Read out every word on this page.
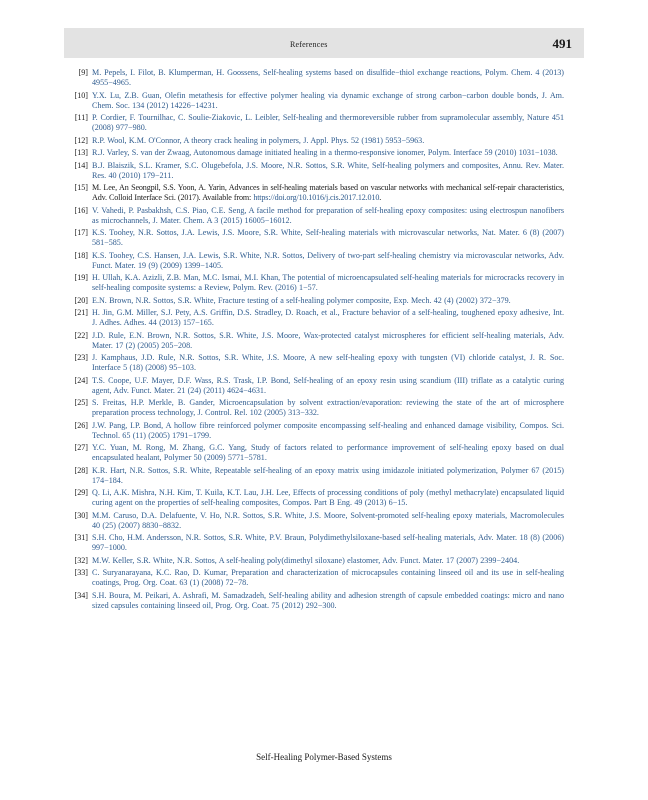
References	491
[9] M. Pepels, I. Filot, B. Klumperman, H. Goossens, Self-healing systems based on disulfide−thiol exchange reactions, Polym. Chem. 4 (2013) 4955−4965.
[10] Y.X. Lu, Z.B. Guan, Olefin metathesis for effective polymer healing via dynamic exchange of strong carbon−carbon double bonds, J. Am. Chem. Soc. 134 (2012) 14226−14231.
[11] P. Cordier, F. Tournilhac, C. Soulie-Ziakovic, L. Leibler, Self-healing and thermoreversible rubber from supramolecular assembly, Nature 451 (2008) 977−980.
[12] R.P. Wool, K.M. O'Connor, A theory crack healing in polymers, J. Appl. Phys. 52 (1981) 5953−5963.
[13] R.J. Varley, S. van der Zwaag, Autonomous damage initiated healing in a thermo-responsive ionomer, Polym. Interface 59 (2010) 1031−1038.
[14] B.J. Blaiszik, S.L. Kramer, S.C. Olugebefola, J.S. Moore, N.R. Sottos, S.R. White, Self-healing polymers and composites, Annu. Rev. Mater. Res. 40 (2010) 179−211.
[15] M. Lee, An Seongpil, S.S. Yoon, A. Yarin, Advances in self-healing materials based on vascular networks with mechanical self-repair characteristics, Adv. Colloid Interface Sci. (2017). Available from: https://doi.org/10.1016/j.cis.2017.12.010.
[16] V. Vahedi, P. Pasbakhsh, C.S. Piao, C.E. Seng, A facile method for preparation of self-healing epoxy composites: using electrospun nanofibers as microchannels, J. Mater. Chem. A 3 (2015) 16005−16012.
[17] K.S. Toohey, N.R. Sottos, J.A. Lewis, J.S. Moore, S.R. White, Self-healing materials with microvascular networks, Nat. Mater. 6 (8) (2007) 581−585.
[18] K.S. Toohey, C.S. Hansen, J.A. Lewis, S.R. White, N.R. Sottos, Delivery of two-part self-healing chemistry via microvascular networks, Adv. Funct. Mater. 19 (9) (2009) 1399−1405.
[19] H. Ullah, K.A. Azizli, Z.B. Man, M.C. Ismai, M.I. Khan, The potential of microencapsulated self-healing materials for microcracks recovery in self-healing composite systems: a Review, Polym. Rev. (2016) 1−57.
[20] E.N. Brown, N.R. Sottos, S.R. White, Fracture testing of a self-healing polymer composite, Exp. Mech. 42 (4) (2002) 372−379.
[21] H. Jin, G.M. Miller, S.J. Pety, A.S. Griffin, D.S. Stradley, D. Roach, et al., Fracture behavior of a self-healing, toughened epoxy adhesive, Int. J. Adhes. Adhes. 44 (2013) 157−165.
[22] J.D. Rule, E.N. Brown, N.R. Sottos, S.R. White, J.S. Moore, Wax-protected catalyst microspheres for efficient self-healing materials, Adv. Mater. 17 (2) (2005) 205−208.
[23] J. Kamphaus, J.D. Rule, N.R. Sottos, S.R. White, J.S. Moore, A new self-healing epoxy with tungsten (VI) chloride catalyst, J. R. Soc. Interface 5 (18) (2008) 95−103.
[24] T.S. Coope, U.F. Mayer, D.F. Wass, R.S. Trask, I.P. Bond, Self-healing of an epoxy resin using scandium (III) triflate as a catalytic curing agent, Adv. Funct. Mater. 21 (24) (2011) 4624−4631.
[25] S. Freitas, H.P. Merkle, B. Gander, Microencapsulation by solvent extraction/evaporation: reviewing the state of the art of microsphere preparation process technology, J. Control. Rel. 102 (2005) 313−332.
[26] J.W. Pang, I.P. Bond, A hollow fibre reinforced polymer composite encompassing self-healing and enhanced damage visibility, Compos. Sci. Technol. 65 (11) (2005) 1791−1799.
[27] Y.C. Yuan, M. Rong, M. Zhang, G.C. Yang, Study of factors related to performance improvement of self-healing epoxy based on dual encapsulated healant, Polymer 50 (2009) 5771−5781.
[28] K.R. Hart, N.R. Sottos, S.R. White, Repeatable self-healing of an epoxy matrix using imidazole initiated polymerization, Polymer 67 (2015) 174−184.
[29] Q. Li, A.K. Mishra, N.H. Kim, T. Kuila, K.T. Lau, J.H. Lee, Effects of processing conditions of poly (methyl methacrylate) encapsulated liquid curing agent on the properties of self-healing composites, Compos. Part B Eng. 49 (2013) 6−15.
[30] M.M. Caruso, D.A. Delafuente, V. Ho, N.R. Sottos, S.R. White, J.S. Moore, Solvent-promoted self-healing epoxy materials, Macromolecules 40 (25) (2007) 8830−8832.
[31] S.H. Cho, H.M. Andersson, N.R. Sottos, S.R. White, P.V. Braun, Polydimethylsiloxane-based self-healing materials, Adv. Mater. 18 (8) (2006) 997−1000.
[32] M.W. Keller, S.R. White, N.R. Sottos, A self-healing poly(dimethyl siloxane) elastomer, Adv. Funct. Mater. 17 (2007) 2399−2404.
[33] C. Suryanarayana, K.C. Rao, D. Kumar, Preparation and characterization of microcapsules containing linseed oil and its use in self-healing coatings, Prog. Org. Coat. 63 (1) (2008) 72−78.
[34] S.H. Boura, M. Peikari, A. Ashrafi, M. Samadzadeh, Self-healing ability and adhesion strength of capsule embedded coatings: micro and nano sized capsules containing linseed oil, Prog. Org. Coat. 75 (2012) 292−300.
Self-Healing Polymer-Based Systems
